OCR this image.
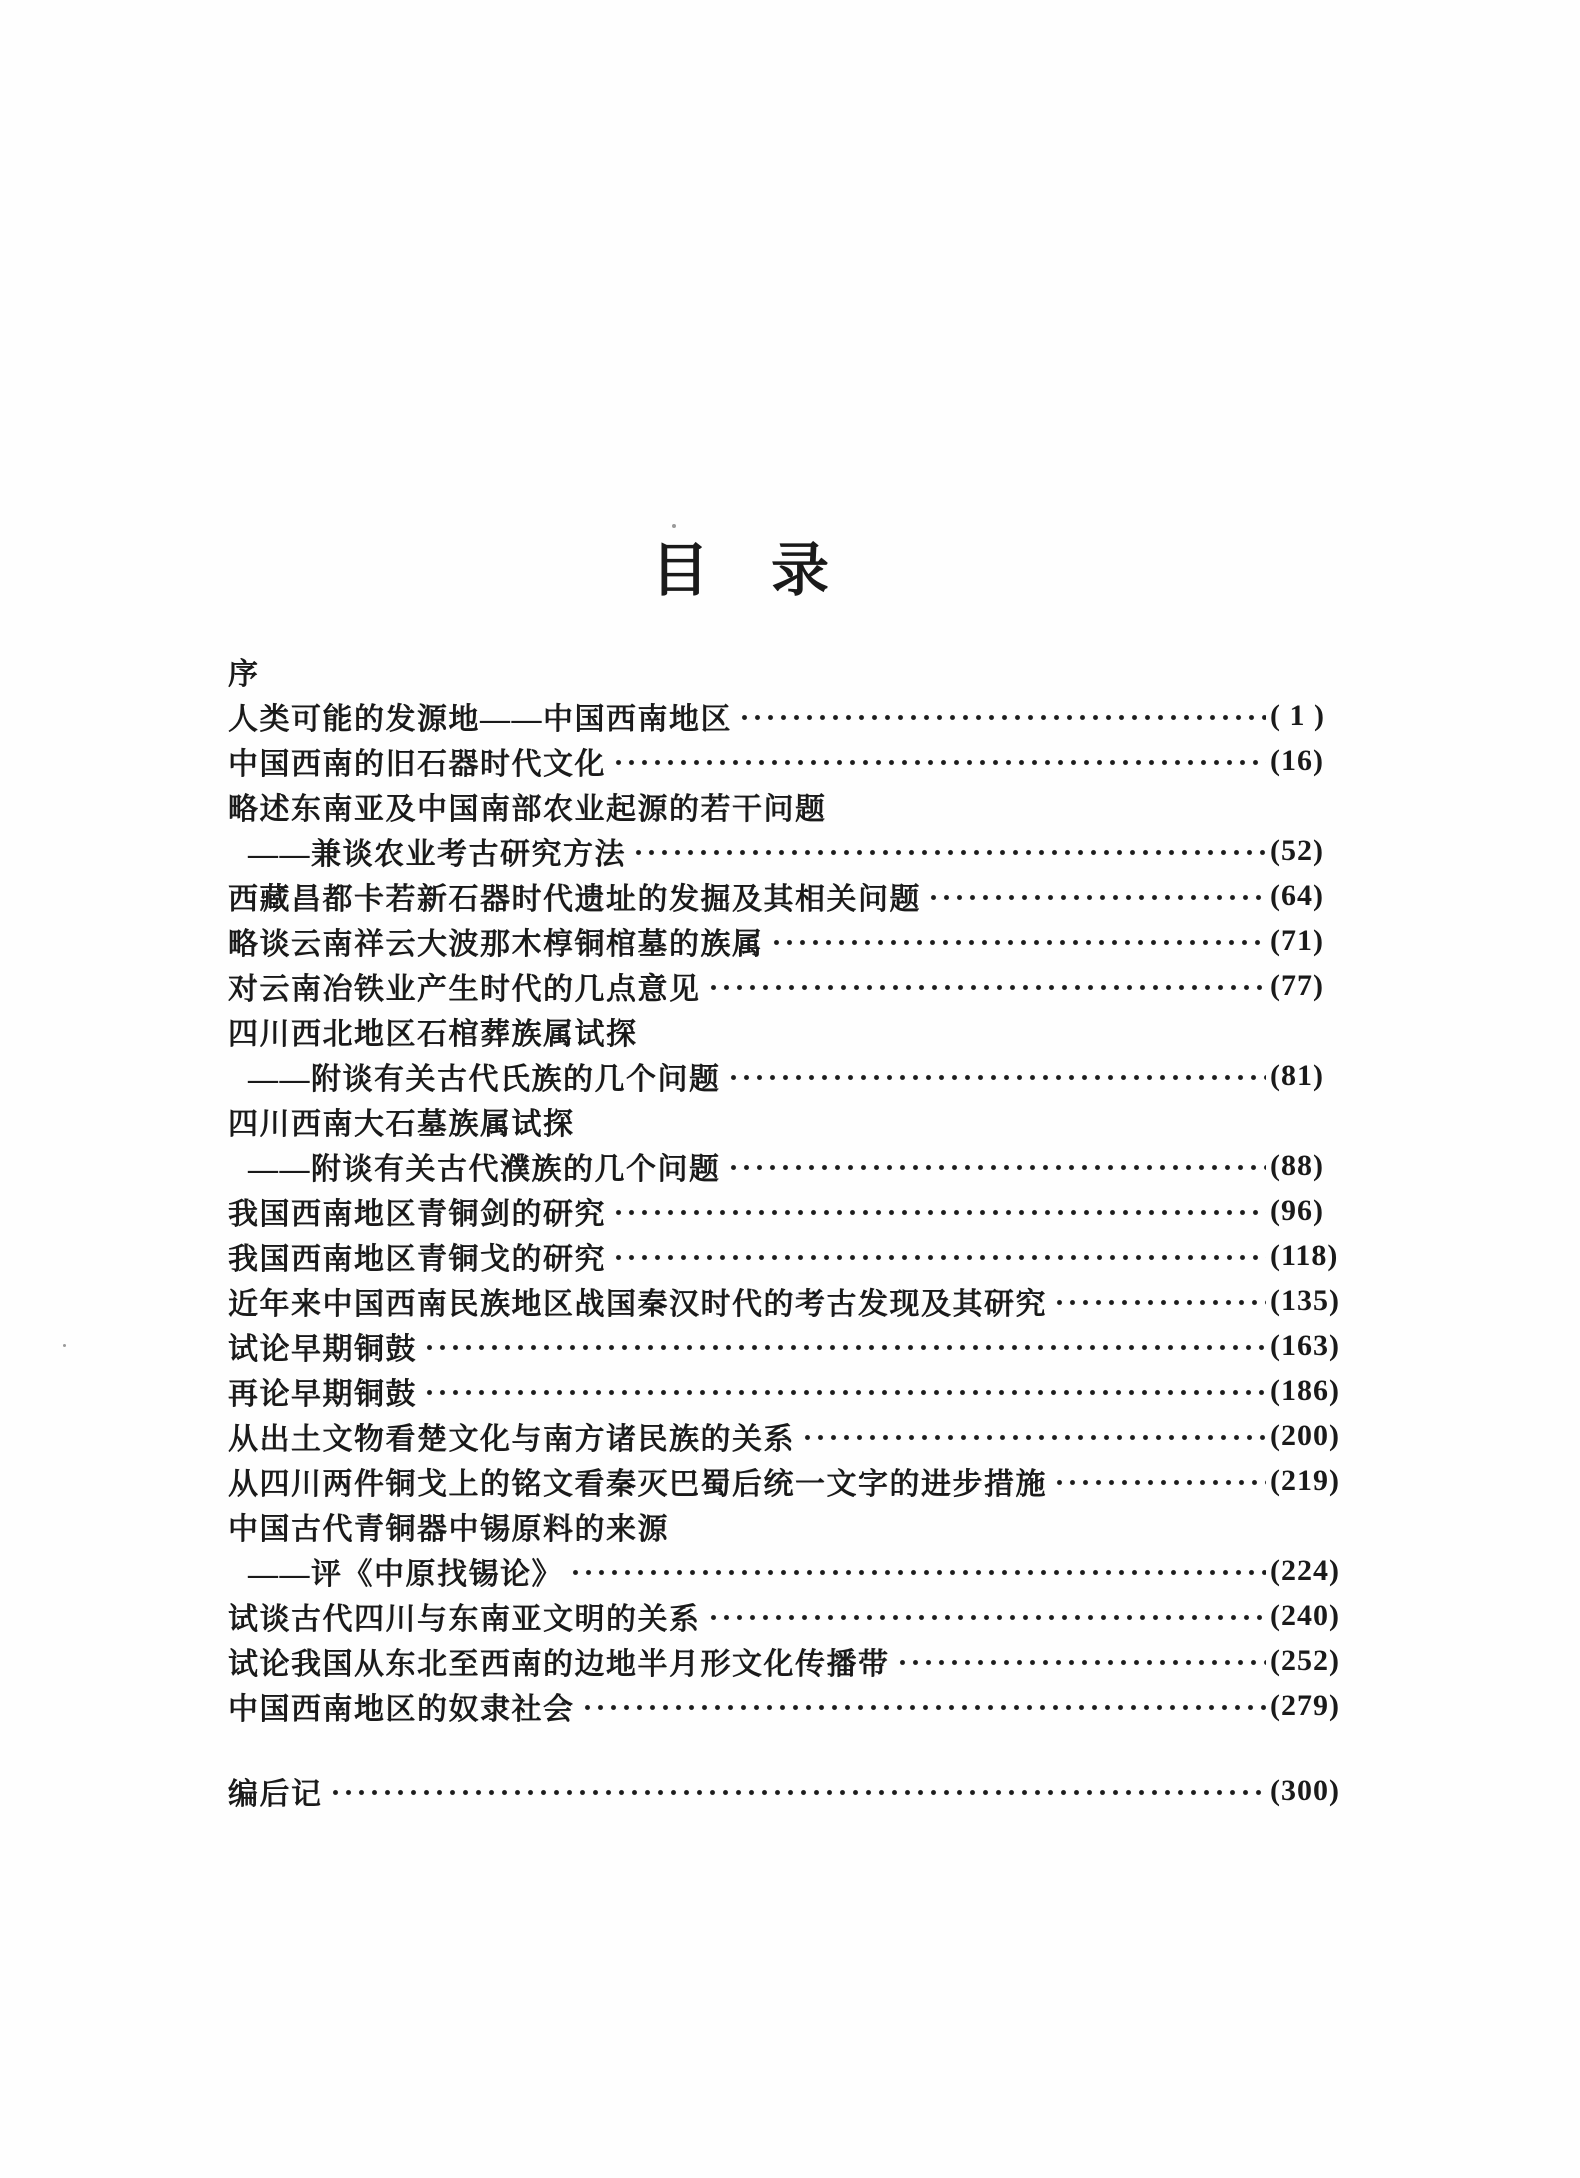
目　录
序
人类可能的发源地——中国西南地区	( 1 )
中国西南的旧石器时代文化	(16)
略述东南亚及中国南部农业起源的若干问题
——兼谈农业考古研究方法	(52)
西藏昌都卡若新石器时代遗址的发掘及其相关问题	(64)
略谈云南祥云大波那木椁铜棺墓的族属	(71)
对云南冶铁业产生时代的几点意见	(77)
四川西北地区石棺葬族属试探
——附谈有关古代氏族的几个问题	(81)
四川西南大石墓族属试探
——附谈有关古代濮族的几个问题	(88)
我国西南地区青铜剑的研究	(96)
我国西南地区青铜戈的研究	(118)
近年来中国西南民族地区战国秦汉时代的考古发现及其研究	(135)
试论早期铜鼓	(163)
再论早期铜鼓	(186)
从出土文物看楚文化与南方诸民族的关系	(200)
从四川两件铜戈上的铭文看秦灭巴蜀后统一文字的进步措施	(219)
中国古代青铜器中锡原料的来源
——评《中原找锡论》	(224)
试谈古代四川与东南亚文明的关系	(240)
试论我国从东北至西南的边地半月形文化传播带	(252)
中国西南地区的奴隶社会	(279)
编后记	(300)
